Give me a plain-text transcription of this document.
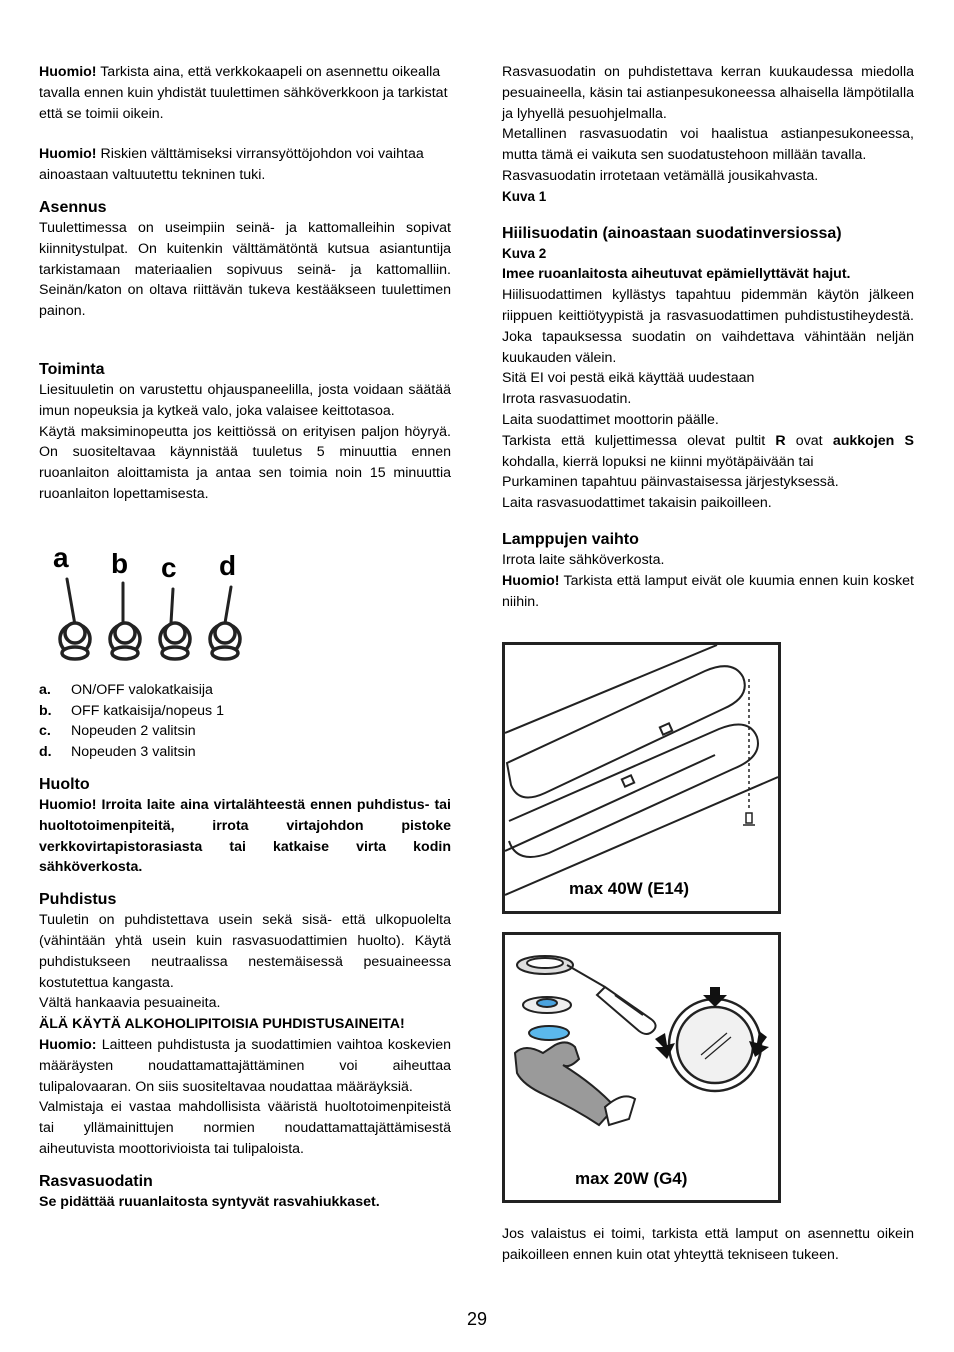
Huomio! Tarkista aina, että verkkokaapeli on asennettu oikealla tavalla ennen kuin yhdistät tuulettimen sähköverkkoon ja tarkistat että se toimii oikein.

Huomio! Riskien välttämiseksi virransyöttöjohdon voi vaihtaa ainoastaan valtuutettu tekninen tuki.

Asennus

Tuulettimessa on useimpiin seinä- ja kattomalleihin sopivat kiinnitystulpat. On kuitenkin välttämätöntä kutsua asiantuntija tarkistamaan materiaalien sopivuus seinä- ja kattomalliin. Seinän/katon on oltava riittävän tukeva kestääkseen tuulettimen painon.

Toiminta

Liesituuletin on varustettu ohjauspaneelilla, josta voidaan säätää imun nopeuksia ja kytkeä valo, joka valaisee keittotasoa.

Käytä maksiminopeutta jos keittiössä on erityisen paljon höyryä. On suositeltavaa käynnistää tuuletus 5 minuuttia ennen ruoanlaiton aloittamista ja antaa sen toimia noin 15 minuuttia ruoanlaiton lopettamisesta.

a b c d
a.	ON/OFF valokatkaisija
b.	OFF katkaisija/nopeus 1
c.	Nopeuden 2 valitsin
d.	Nopeuden 3 valitsin
Huolto

Huomio! Irroita laite aina virtalähteestä ennen puhdistus- tai huoltotoimenpiteitä, irrota virtajohdon pistoke verkkovirtapistorasiasta tai katkaise virta kodin sähköverkosta.

Puhdistus

Tuuletin on puhdistettava usein sekä sisä- että ulkopuolelta (vähintään yhtä usein kuin rasvasuodattimien huolto). Käytä puhdistukseen neutraalissa nestemäisessä pesuaineessa kostutettua kangasta.

Vältä hankaavia pesuaineita.

ÄLÄ KÄYTÄ ALKOHOLIPITOISIA PUHDISTUSAINEITA!

Huomio: Laitteen puhdistusta ja suodattimien vaihtoa koskevien määräysten noudattamattajättäminen voi aiheuttaa tulipalovaaran. On siis suositeltavaa noudattaa määräyksiä.

Valmistaja ei vastaa mahdollisista vääristä huoltotoimenpiteistä tai yllämainittujen normien noudattamattajättämisestä aiheutuvista moottorivioista tai tulipaloista.

Rasvasuodatin

Se pidättää ruuanlaitosta syntyvät rasvahiukkaset.

Rasvasuodatin on puhdistettava kerran kuukaudessa miedolla pesuaineella, käsin tai astianpesukoneessa alhaisella lämpötilalla ja lyhyellä pesuohjelmalla.

Metallinen rasvasuodatin voi haalistua astianpesukoneessa, mutta tämä ei vaikuta sen suodatustehoon millään tavalla.

Rasvasuodatin irrotetaan vetämällä jousikahvasta.

Kuva 1

Hiilisuodatin (ainoastaan suodatinversiossa)

Kuva 2

Imee ruoanlaitosta aiheutuvat epämiellyttävät hajut.

Hiilisuodattimen kyllästys tapahtuu pidemmän käytön jälkeen riippuen keittiötyypistä ja rasvasuodattimen puhdistustiheydestä. Joka tapauksessa suodatin on vaihdettava vähintään neljän kuukauden välein.

Sitä EI voi pestä eikä käyttää uudestaan

Irrota rasvasuodatin.

Laita suodattimet moottorin päälle.

Tarkista että kuljettimessa olevat pultit R ovat aukkojen S kohdalla, kierrä lopuksi ne kiinni myötäpäivään tai

Purkaminen tapahtuu päinvastaisessa järjestyksessä.

Laita rasvasuodattimet takaisin paikoilleen.

Lamppujen vaihto

Irrota laite sähköverkosta.

Huomio! Tarkista että lamput eivät ole kuumia ennen kuin kosket niihin.

max 40W (E14)
max 20W (G4)

Jos valaistus ei toimi, tarkista että lamput on asennettu oikein paikoilleen ennen kuin otat yhteyttä tekniseen tukeen.

29
